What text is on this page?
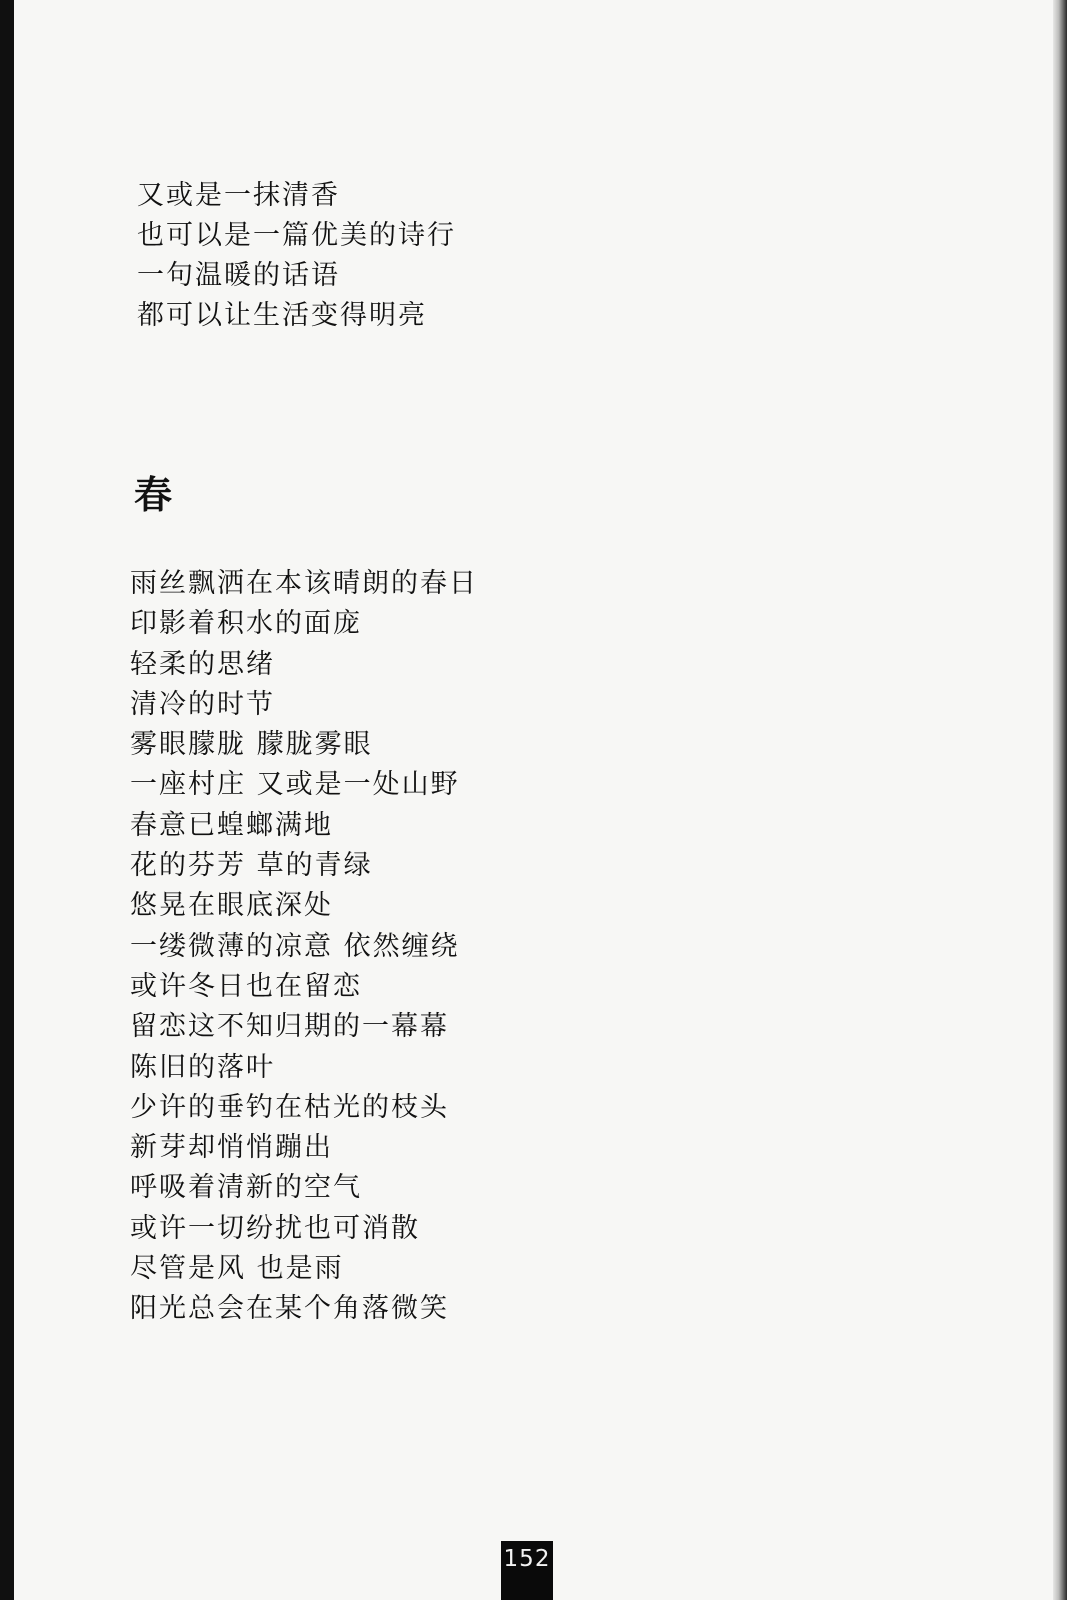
又或是一抹清香
也可以是一篇优美的诗行
一句温暖的话语
都可以让生活变得明亮
春
雨丝飘洒在本该晴朗的春日
印影着积水的面庞
轻柔的思绪
清冷的时节
雾眼朦胧 朦胧雾眼
一座村庄 又或是一处山野
春意已蝗螂满地
花的芬芳 草的青绿
悠晃在眼底深处
一缕微薄的凉意 依然缠绕
或许冬日也在留恋
留恋这不知归期的一幕幕
陈旧的落叶
少许的垂钓在枯光的枝头
新芽却悄悄蹦出
呼吸着清新的空气
或许一切纷扰也可消散
尽管是风 也是雨
阳光总会在某个角落微笑
152
